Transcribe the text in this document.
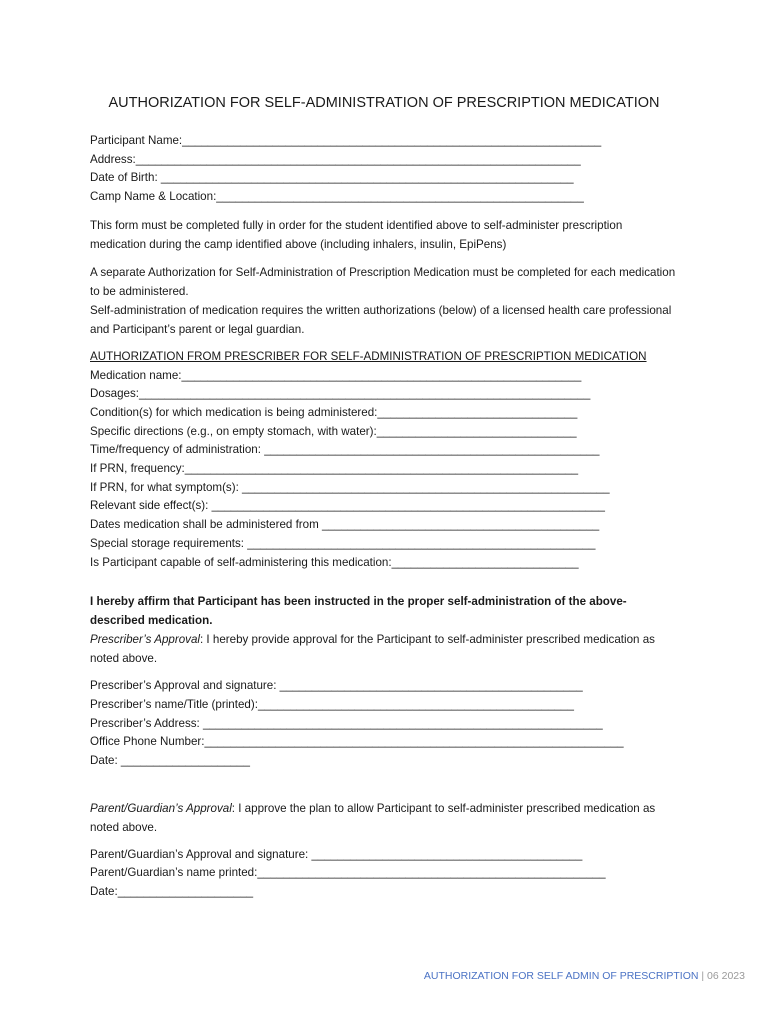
AUTHORIZATION FOR SELF-ADMINISTRATION OF PRESCRIPTION MEDICATION
Participant Name:_________________________________________________________________
Address:_____________________________________________________________________
Date of Birth: ________________________________________________________________
Camp Name & Location:_________________________________________________________
This form must be completed fully in order for the student identified above to self-administer prescription medication during the camp identified above (including inhalers, insulin, EpiPens)
A separate Authorization for Self-Administration of Prescription Medication must be completed for each medication to be administered.
Self-administration of medication requires the written authorizations (below) of a licensed health care professional and Participant’s parent or legal guardian.
AUTHORIZATION FROM PRESCRIBER FOR SELF-ADMINISTRATION OF PRESCRIPTION MEDICATION
Medication name:______________________________________________________________
Dosages:______________________________________________________________________
Condition(s) for which medication is being administered:_______________________________
Specific directions (e.g., on empty stomach, with water):_______________________________
Time/frequency of administration: ____________________________________________________
If PRN, frequency:_____________________________________________________________
If PRN, for what symptom(s): _________________________________________________________
Relevant side effect(s): _____________________________________________________________
Dates medication shall be administered from ___________________________________________
Special storage requirements: ______________________________________________________
Is Participant capable of self-administering this medication:_____________________________
I hereby affirm that Participant has been instructed in the proper self-administration of the above-described medication.
Prescriber’s Approval: I hereby provide approval for the Participant to self-administer prescribed medication as noted above.
Prescriber’s Approval and signature: _______________________________________________
Prescriber’s name/Title (printed):_________________________________________________
Prescriber’s Address: ______________________________________________________________
Office Phone Number:_________________________________________________________________
Date: ____________________
Parent/Guardian’s Approval: I approve the plan to allow Participant to self-administer prescribed medication as noted above.
Parent/Guardian’s Approval and signature: __________________________________________
Parent/Guardian’s name printed:______________________________________________________
Date:_____________________
AUTHORIZATION FOR SELF ADMIN OF PRESCRIPTION | 06 2023
